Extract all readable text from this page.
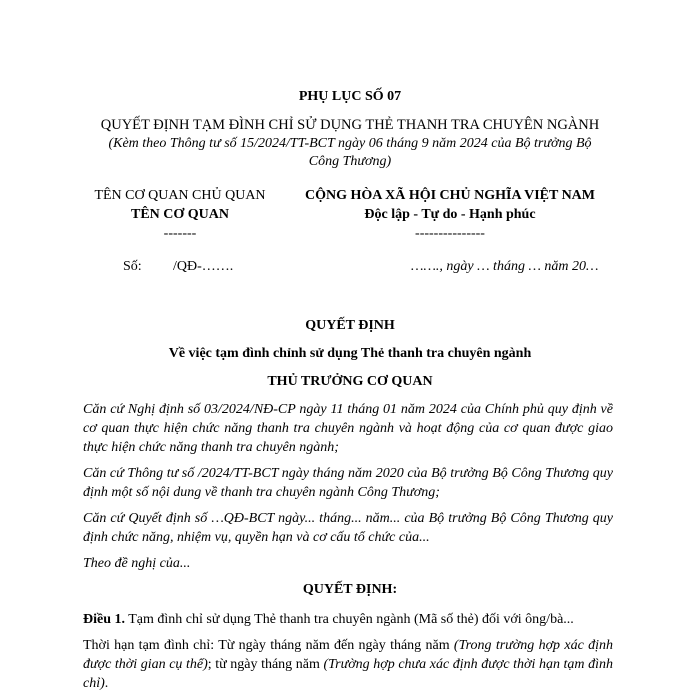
PHỤ LỤC SỐ 07
QUYẾT ĐỊNH TẠM ĐÌNH CHỈ SỬ DỤNG THẺ THANH TRA CHUYÊN NGÀNH
(Kèm theo Thông tư số 15/2024/TT-BCT ngày 06 tháng 9 năm 2024 của Bộ trưởng Bộ
Công Thương)
TÊN CƠ QUAN CHỦ QUAN
TÊN CƠ QUAN
-------
CỘNG HÒA XÃ HỘI CHỦ NGHĨA VIỆT NAM
Độc lập - Tự do - Hạnh phúc
---------------
Số: /QĐ-…….	……., ngày … tháng … năm 20…
QUYẾT ĐỊNH
Về việc tạm đình chỉnh sử dụng Thẻ thanh tra chuyên ngành
THỦ TRƯỞNG CƠ QUAN
Căn cứ Nghị định số 03/2024/NĐ-CP ngày 11 tháng 01 năm 2024 của Chính phủ quy định về cơ quan thực hiện chức năng thanh tra chuyên ngành và hoạt động của cơ quan được giao thực hiện chức năng thanh tra chuyên ngành;
Căn cứ Thông tư số /2024/TT-BCT ngày tháng năm 2020 của Bộ trưởng Bộ Công Thương quy định một số nội dung về thanh tra chuyên ngành Công Thương;
Căn cứ Quyết định số …QĐ-BCT ngày... tháng... năm... của Bộ trưởng Bộ Công Thương quy định chức năng, nhiệm vụ, quyền hạn và cơ cấu tổ chức của...
Theo đề nghị của...
QUYẾT ĐỊNH:
Điều 1. Tạm đình chỉ sử dụng Thẻ thanh tra chuyên ngành (Mã số thẻ) đối với ông/bà...
Thời hạn tạm đình chỉ: Từ ngày tháng năm đến ngày tháng năm (Trong trường hợp xác định được thời gian cụ thể); từ ngày tháng năm (Trường hợp chưa xác định được thời hạn tạm đình chỉ).
